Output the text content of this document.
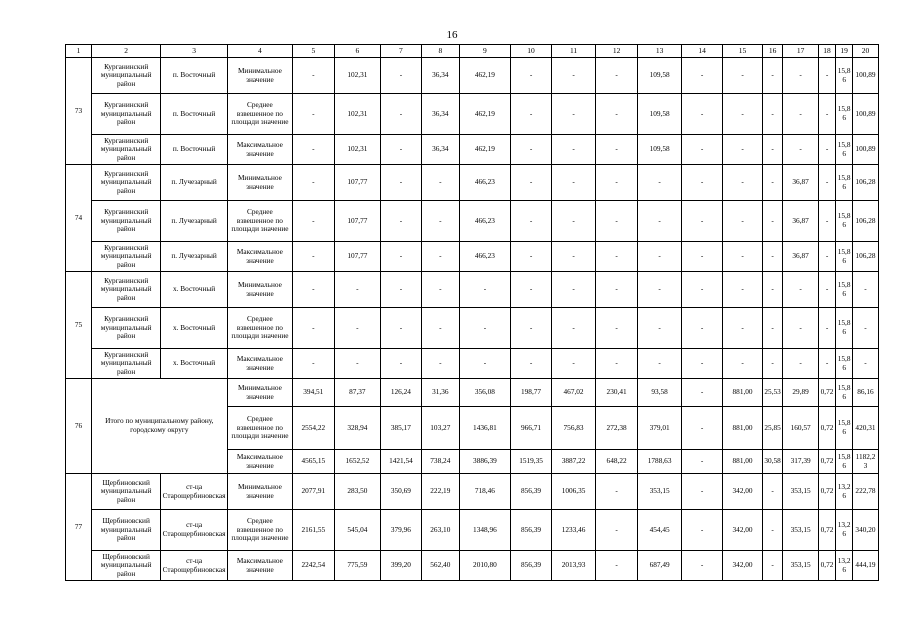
16
1	2	3	4	5	6	7	8	9	10	11	12	13	14	15	16	17	18	19	20
73	Курганинский муниципальный район	п. Восточный	Минимальное значение	-	102,31	-	36,34	462,19	-	-	-	109,58	-	-	-	-	-	15,86	100,89
	Курганинский муниципальный район	п. Восточный	Среднее взвешенное по площади значение	-	102,31	-	36,34	462,19	-	-	-	109,58	-	-	-	-	-	15,86	100,89
	Курганинский муниципальный район	п. Восточный	Максимальное значение	-	102,31	-	36,34	462,19	-	-	-	109,58	-	-	-	-	-	15,86	100,89
74	Курганинский муниципальный район	п. Лучезарный	Минимальное значение	-	107,77	-	-	466,23	-	-	-	-	-	-	-	36,87	-	15,86	106,28
	Курганинский муниципальный район	п. Лучезарный	Среднее взвешенное по площади значение	-	107,77	-	-	466,23	-	-	-	-	-	-	-	36,87	-	15,86	106,28
	Курганинский муниципальный район	п. Лучезарный	Максимальное значение	-	107,77	-	-	466,23	-	-	-	-	-	-	-	36,87	-	15,86	106,28
75	Курганинский муниципальный район	х. Восточный	Минимальное значение	-	-	-	-	-	-	-	-	-	-	-	-	-	-	15,86	-
	Курганинский муниципальный район	х. Восточный	Среднее взвешенное по площади значение	-	-	-	-	-	-	-	-	-	-	-	-	-	-	15,86	-
	Курганинский муниципальный район	х. Восточный	Максимальное значение	-	-	-	-	-	-	-	-	-	-	-	-	-	-	15,86	-
76	Итого по муниципальному району, городскому округу		Минимальное значение	394,51	87,37	126,24	31,36	356,08	198,77	467,02	230,41	93,58	-	881,00	25,53	29,89	0,72	15,86	86,16
			Среднее взвешенное по площади значение	2554,22	328,94	385,17	103,27	1436,81	966,71	756,83	272,38	379,01	-	881,00	25,85	160,57	0,72	15,86	420,31
			Максимальное значение	4565,15	1652,52	1421,54	738,24	3886,39	1519,35	3887,22	648,22	1788,63	-	881,00	30,58	317,39	0,72	15,86	1182,23
77	Щербиновский муниципальный район	ст-ца Старощербиновская	Минимальное значение	2077,91	283,50	350,69	222,19	718,46	856,39	1006,35	-	353,15	-	342,00	-	353,15	0,72	13,26	222,78
	Щербиновский муниципальный район	ст-ца Старощербиновская	Среднее взвешенное по площади значение	2161,55	545,04	379,96	263,10	1348,96	856,39	1233,46	-	454,45	-	342,00	-	353,15	0,72	13,26	340,20
	Щербиновский муниципальный район	ст-ца Старощербиновская	Максимальное значение	2242,54	775,59	399,20	562,40	2010,80	856,39	2013,93	-	687,49	-	342,00	-	353,15	0,72	13,26	444,19
